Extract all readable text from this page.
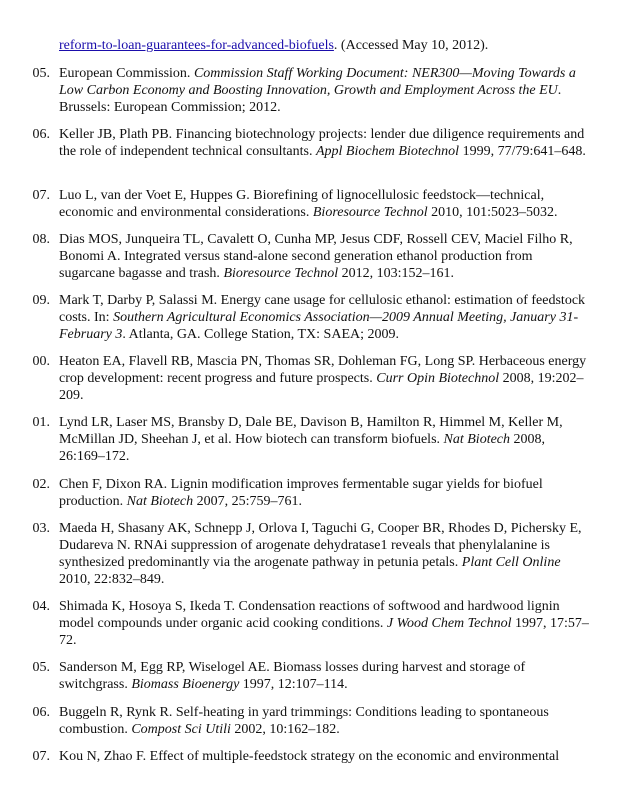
reform-to-loan-guarantees-for-advanced-biofuels. (Accessed May 10, 2012).
05. European Commission. Commission Staff Working Document: NER300—Moving Towards a Low Carbon Economy and Boosting Innovation, Growth and Employment Across the EU. Brussels: European Commission; 2012.
06. Keller JB, Plath PB. Financing biotechnology projects: lender due diligence requirements and the role of independent technical consultants. Appl Biochem Biotechnol 1999, 77/79:641–648.
07. Luo L, van der Voet E, Huppes G. Biorefining of lignocellulosic feedstock—technical, economic and environmental considerations. Bioresource Technol 2010, 101:5023–5032.
08. Dias MOS, Junqueira TL, Cavalett O, Cunha MP, Jesus CDF, Rossell CEV, Maciel Filho R, Bonomi A. Integrated versus stand-alone second generation ethanol production from sugarcane bagasse and trash. Bioresource Technol 2012, 103:152–161.
09. Mark T, Darby P, Salassi M. Energy cane usage for cellulosic ethanol: estimation of feedstock costs. In: Southern Agricultural Economics Association—2009 Annual Meeting, January 31-February 3. Atlanta, GA. College Station, TX: SAEA; 2009.
00. Heaton EA, Flavell RB, Mascia PN, Thomas SR, Dohleman FG, Long SP. Herbaceous energy crop development: recent progress and future prospects. Curr Opin Biotechnol 2008, 19:202–209.
01. Lynd LR, Laser MS, Bransby D, Dale BE, Davison B, Hamilton R, Himmel M, Keller M, McMillan JD, Sheehan J, et al. How biotech can transform biofuels. Nat Biotech 2008, 26:169–172.
02. Chen F, Dixon RA. Lignin modification improves fermentable sugar yields for biofuel production. Nat Biotech 2007, 25:759–761.
03. Maeda H, Shasany AK, Schnepp J, Orlova I, Taguchi G, Cooper BR, Rhodes D, Pichersky E, Dudareva N. RNAi suppression of arogenate dehydratase1 reveals that phenylalanine is synthesized predominantly via the arogenate pathway in petunia petals. Plant Cell Online 2010, 22:832–849.
04. Shimada K, Hosoya S, Ikeda T. Condensation reactions of softwood and hardwood lignin model compounds under organic acid cooking conditions. J Wood Chem Technol 1997, 17:57–72.
05. Sanderson M, Egg RP, Wiselogel AE. Biomass losses during harvest and storage of switchgrass. Biomass Bioenergy 1997, 12:107–114.
06. Buggeln R, Rynk R. Self-heating in yard trimmings: Conditions leading to spontaneous combustion. Compost Sci Utili 2002, 10:162–182.
07. Kou N, Zhao F. Effect of multiple-feedstock strategy on the economic and environmental
